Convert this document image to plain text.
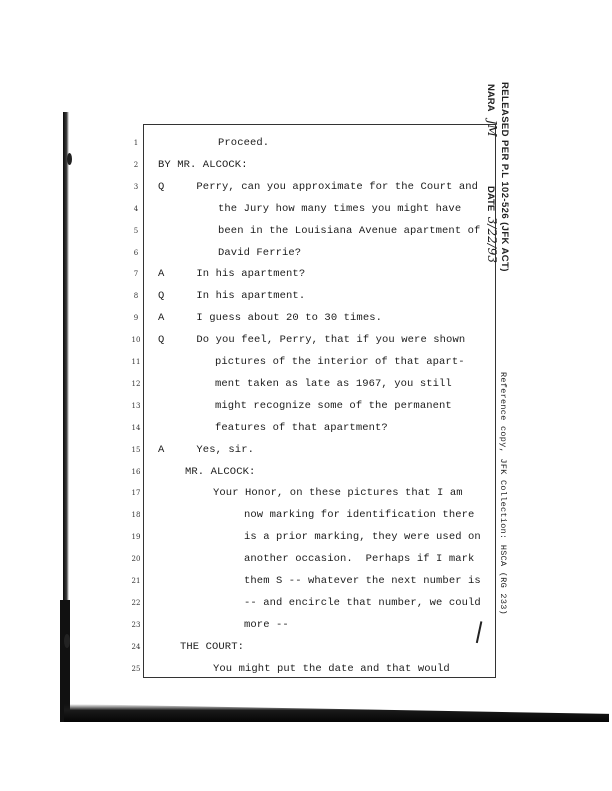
1	Proceed.
2	BY MR. ALCOCK:
3	Q     Perry, can you approximate for the Court and
4	the Jury how many times you might have
5	been in the Louisiana Avenue apartment of
6	David Ferrie?
7	A     In his apartment?
8	Q     In his apartment.
9	A     I guess about 20 to 30 times.
10	Q     Do you feel, Perry, that if you were shown
11	pictures of the interior of that apart-
12	ment taken as late as 1967, you still
13	might recognize some of the permanent
14	features of that apartment?
15	A     Yes, sir.
16	MR. ALCOCK:
17	Your Honor, on these pictures that I am
18	now marking for identification there
19	is a prior marking, they were used on
20	another occasion.  Perhaps if I mark
21	them S -- whatever the next number is
22	-- and encircle that number, we could
23	more --
24	THE COURT:
25	You might put the date and that would
RELEASED PER P.L 102-526 (JFK ACT)
NARA JM
DATE 3/22/93
Reference copy, JFK Collection: HSCA (RG 233)
